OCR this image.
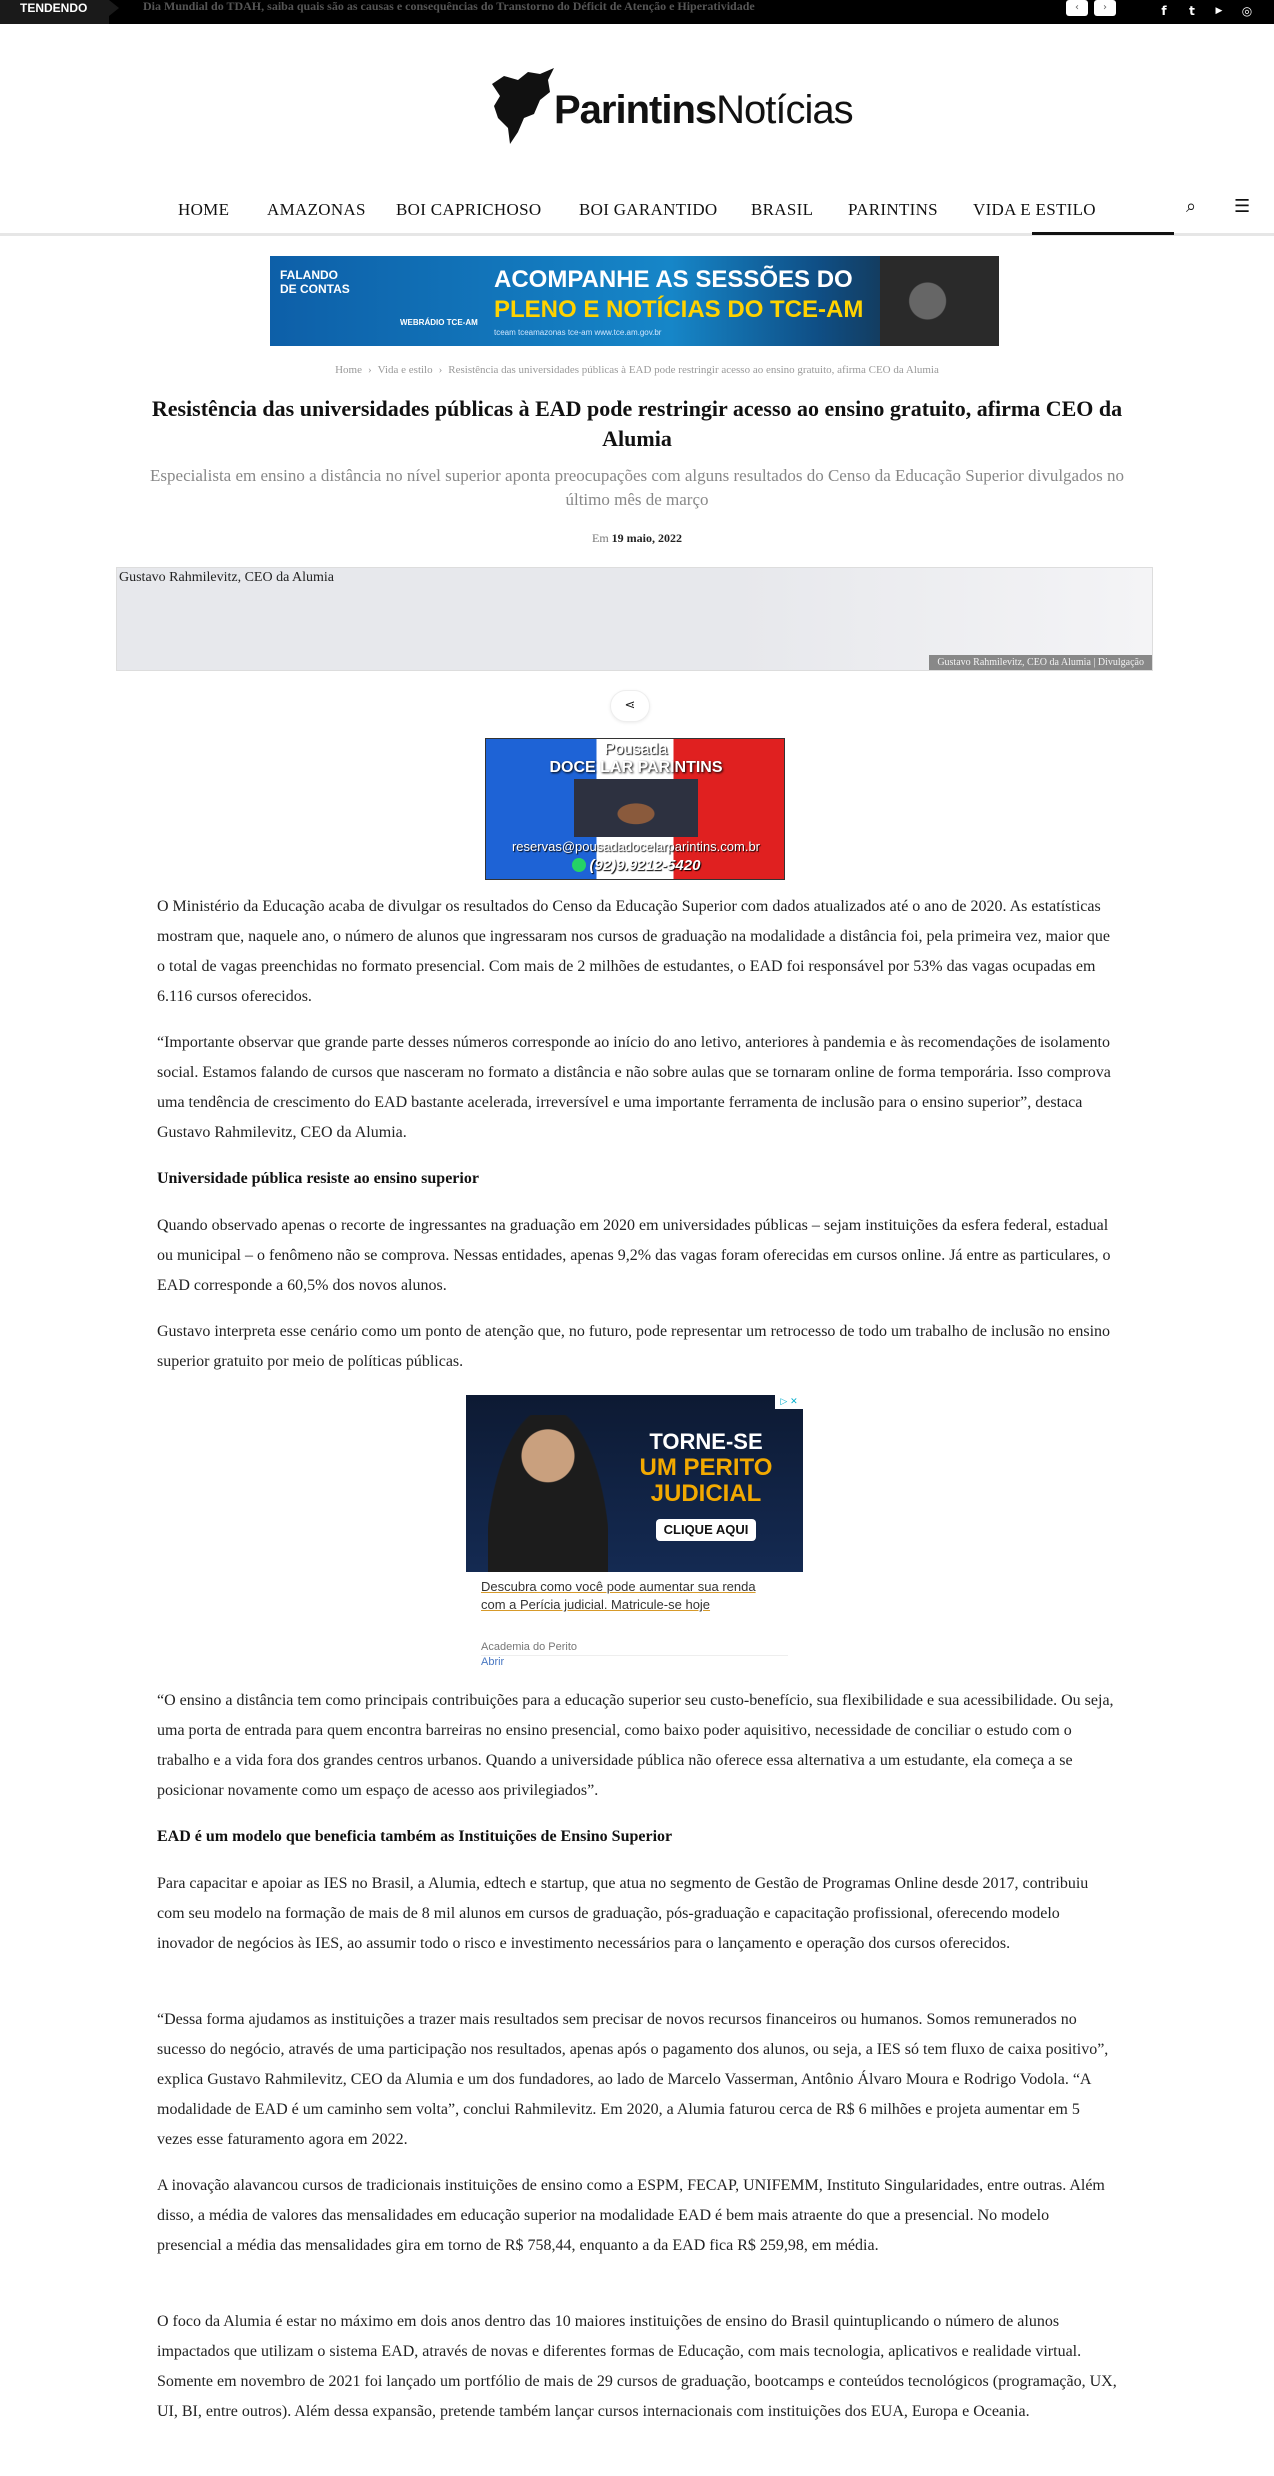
TENDENDO	Dia Mundial do TDAH, saiba quais são as causas e consequências do Transtorno do Déficit de Atenção e Hiperatividade	‹	›	f	t	▶	◎
ParintinsNotícias
HOME AMAZONAS BOI CAPRICHOSO BOI GARANTIDO BRASIL PARINTINS VIDA E ESTILO	⌕ ☰
FALANDO
DE CONTAS
WEBRÁDIO TCE-AM
ACOMPANHE AS SESSÕES DO
PLENO E NOTÍCIAS DO TCE-AM
tceam tceamazonas tce-am www.tce.am.gov.br
Home › Vida e estilo › Resistência das universidades públicas à EAD pode restringir acesso ao ensino gratuito, afirma CEO da Alumia
Resistência das universidades públicas à EAD pode restringir acesso ao ensino gratuito, afirma CEO da Alumia
Especialista em ensino a distância no nível superior aponta preocupações com alguns resultados do Censo da Educação Superior divulgados no último mês de março
Em 19 maio, 2022
Gustavo Rahmilevitz, CEO da Alumia
Gustavo Rahmilevitz, CEO da Alumia | Divulgação
⋖
Pousada
DOCE LAR PARINTINS
reservas@pousadadocelarparintins.com.br
(92)9.9212-5420

O Ministério da Educação acaba de divulgar os resultados do Censo da Educação Superior com dados atualizados até o ano de 2020. As estatísticas mostram que, naquele ano, o número de alunos que ingressaram nos cursos de graduação na modalidade a distância foi, pela primeira vez, maior que o total de vagas preenchidas no formato presencial. Com mais de 2 milhões de estudantes, o EAD foi responsável por 53% das vagas ocupadas em 6.116 cursos oferecidos.

“Importante observar que grande parte desses números corresponde ao início do ano letivo, anteriores à pandemia e às recomendações de isolamento social. Estamos falando de cursos que nasceram no formato a distância e não sobre aulas que se tornaram online de forma temporária. Isso comprova uma tendência de crescimento do EAD bastante acelerada, irreversível e uma importante ferramenta de inclusão para o ensino superior”, destaca Gustavo Rahmilevitz, CEO da Alumia.

Universidade pública resiste ao ensino superior

Quando observado apenas o recorte de ingressantes na graduação em 2020 em universidades públicas – sejam instituições da esfera federal, estadual ou municipal – o fenômeno não se comprova. Nessas entidades, apenas 9,2% das vagas foram oferecidas em cursos online. Já entre as particulares, o EAD corresponde a 60,5% dos novos alunos.

Gustavo interpreta esse cenário como um ponto de atenção que, no futuro, pode representar um retrocesso de todo um trabalho de inclusão no ensino superior gratuito por meio de políticas públicas.

TORNE-SE
UM PERITO JUDICIAL
CLIQUE AQUI
▷ ✕
Descubra como você pode aumentar sua renda com a Perícia judicial. Matricule-se hoje
Academia do Perito
Abrir

“O ensino a distância tem como principais contribuições para a educação superior seu custo-benefício, sua flexibilidade e sua acessibilidade. Ou seja, uma porta de entrada para quem encontra barreiras no ensino presencial, como baixo poder aquisitivo, necessidade de conciliar o estudo com o trabalho e a vida fora dos grandes centros urbanos. Quando a universidade pública não oferece essa alternativa a um estudante, ela começa a se posicionar novamente como um espaço de acesso aos privilegiados”.

EAD é um modelo que beneficia também as Instituições de Ensino Superior

Para capacitar e apoiar as IES no Brasil, a Alumia, edtech e startup, que atua no segmento de Gestão de Programas Online desde 2017, contribuiu com seu modelo na formação de mais de 8 mil alunos em cursos de graduação, pós-graduação e capacitação profissional, oferecendo modelo inovador de negócios às IES, ao assumir todo o risco e investimento necessários para o lançamento e operação dos cursos oferecidos.

“Dessa forma ajudamos as instituições a trazer mais resultados sem precisar de novos recursos financeiros ou humanos. Somos remunerados no sucesso do negócio, através de uma participação nos resultados, apenas após o pagamento dos alunos, ou seja, a IES só tem fluxo de caixa positivo”, explica Gustavo Rahmilevitz, CEO da Alumia e um dos fundadores, ao lado de Marcelo Vasserman, Antônio Álvaro Moura e Rodrigo Vodola. “A modalidade de EAD é um caminho sem volta”, conclui Rahmilevitz. Em 2020, a Alumia faturou cerca de R$ 6 milhões e projeta aumentar em 5 vezes esse faturamento agora em 2022.

A inovação alavancou cursos de tradicionais instituições de ensino como a ESPM, FECAP, UNIFEMM, Instituto Singularidades, entre outras. Além disso, a média de valores das mensalidades em educação superior na modalidade EAD é bem mais atraente do que a presencial. No modelo presencial a média das mensalidades gira em torno de R$ 758,44, enquanto a da EAD fica R$ 259,98, em média.

O foco da Alumia é estar no máximo em dois anos dentro das 10 maiores instituições de ensino do Brasil quintuplicando o número de alunos impactados que utilizam o sistema EAD, através de novas e diferentes formas de Educação, com mais tecnologia, aplicativos e realidade virtual. Somente em novembro de 2021 foi lançado um portfólio de mais de 29 cursos de graduação, bootcamps e conteúdos tecnológicos (programação, UX, UI, BI, entre outros). Além dessa expansão, pretende também lançar cursos internacionais com instituições dos EUA, Europa e Oceania.
